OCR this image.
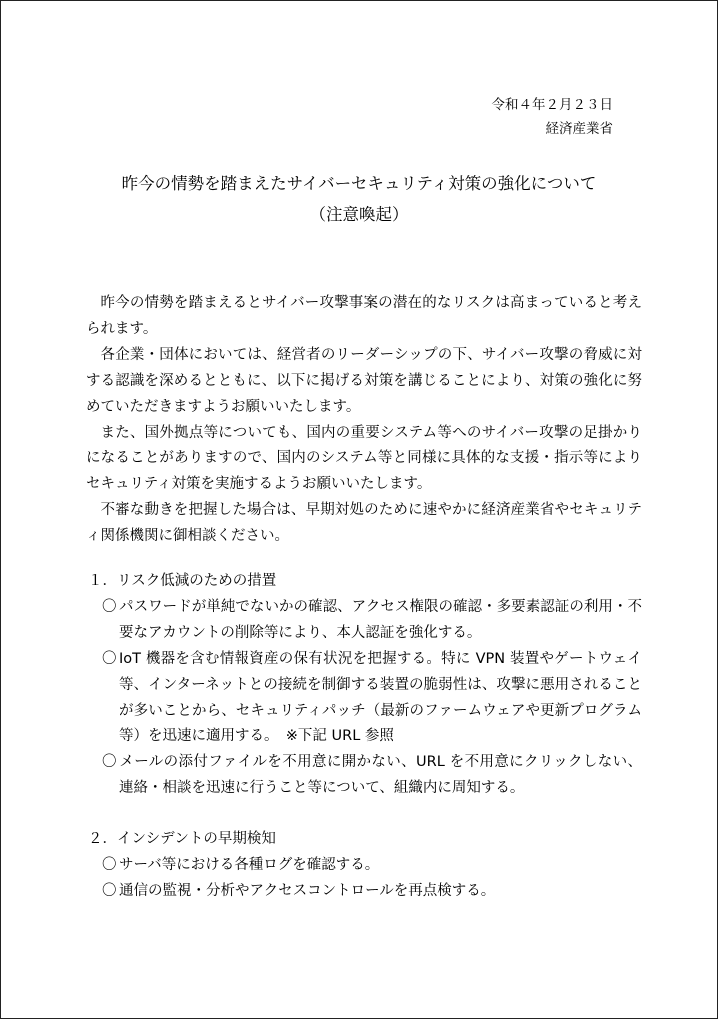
令和４年２月２３日
経済産業省
昨今の情勢を踏まえたサイバーセキュリティ対策の強化について
（注意喚起）

昨今の情勢を踏まえるとサイバー攻撃事案の潜在的なリスクは高まっていると考えられます。

各企業・団体においては、経営者のリーダーシップの下、サイバー攻撃の脅威に対する認識を深めるとともに、以下に掲げる対策を講じることにより、対策の強化に努めていただきますようお願いいたします。

また、国外拠点等についても、国内の重要システム等へのサイバー攻撃の足掛かりになることがありますので、国内のシステム等と同様に具体的な支援・指示等によりセキュリティ対策を実施するようお願いいたします。

不審な動きを把握した場合は、早期対処のために速やかに経済産業省やセキュリティ関係機関に御相談ください。

１．リスク低減のための措置
〇 パスワードが単純でないかの確認、アクセス権限の確認・多要素認証の利用・不要なアカウントの削除等により、本人認証を強化する。
〇 IoT 機器を含む情報資産の保有状況を把握する。特に VPN 装置やゲートウェイ等、インターネットとの接続を制御する装置の脆弱性は、攻撃に悪用されることが多いことから、セキュリティパッチ（最新のファームウェアや更新プログラム等）を迅速に適用する。　※下記 URL 参照
〇 メールの添付ファイルを不用意に開かない、URL を不用意にクリックしない、連絡・相談を迅速に行うこと等について、組織内に周知する。
２．インシデントの早期検知
〇 サーバ等における各種ログを確認する。
〇 通信の監視・分析やアクセスコントロールを再点検する。
